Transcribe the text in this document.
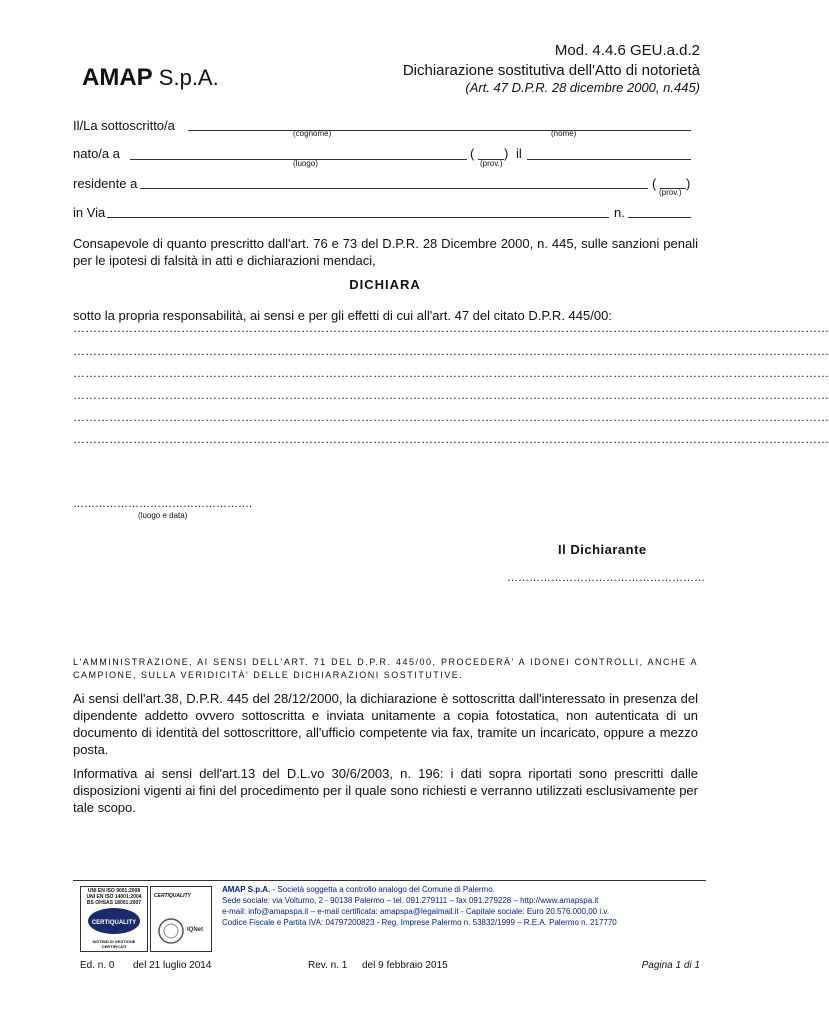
AMAP S.p.A.
Mod. 4.4.6 GEU.a.d.2
Dichiarazione sostitutiva dell'Atto di notorietà
(Art. 47 D.P.R. 28 dicembre 2000, n.445)
Il/La sottoscritto/a
(cognome)	(nome)
nato/a a	( ) il
(luogo)	(prov.)
residente a	( )
(prov.)
in Via	n.
Consapevole di quanto prescritto dall'art. 76 e 73 del D.P.R. 28 Dicembre 2000, n. 445, sulle sanzioni penali per le ipotesi di falsità in atti e dichiarazioni mendaci,
DICHIARA
sotto la propria responsabilità, ai sensi e per gli effetti di cui all'art. 47 del citato D.P.R. 445/00:
………………………………………………………………………………………………………………………………………………………………………
………………………………………………………………………………………………………………………………………………………………………
………………………………………………………………………………………………………………………………………………………………………
………………………………………………………………………………………………………………………………………………………………………
………………………………………………………………………………………………………………………………………………………………………
………………………………………………………………………………………………………………………………………………………………………
………………………………………….
(luogo e data)
Il Dichiarante
………………………………………………
L'AMMINISTRAZIONE, AI SENSI DELL'ART. 71 DEL D.P.R. 445/00, PROCEDERÀ' A IDONEI CONTROLLI, ANCHE A CAMPIONE, SULLA VERIDICITÀ' DELLE DICHIARAZIONI SOSTITUTIVE.
Ai sensi dell'art.38, D.P.R. 445 del 28/12/2000, la dichiarazione è sottoscritta dall'interessato in presenza del dipendente addetto ovvero sottoscritta e inviata unitamente a copia fotostatica, non autenticata di un documento di identità del sottoscrittore, all'ufficio competente via fax, tramite un incaricato, oppure a mezzo posta.
Informativa ai sensi dell'art.13 del D.L.vo 30/6/2003, n. 196: i dati sopra riportati sono prescritti dalle disposizioni vigenti ai fini del procedimento per il quale sono richiesti e verranno utilizzati esclusivamente per tale scopo.
UNI EN ISO 9001:2008
UNI EN ISO 14001:2004
BS OHSAS 18001:2007
CERTIQUALITY
SISTEMI DI GESTIONE CERTIFICATI
CERTIQUALITY
IQNet
AMAP S.p.A. - Società soggetta a controllo analogo del Comune di Palermo.
Sede sociale: via Volturno, 2 - 90138 Palermo – tel. 091.279111 – fax 091.279228 – http://www.amapspa.it
e-mail: info@amapspa.it – e-mail certificata: amapspa@legalmail.it - Capitale sociale: Euro 20.576.000,00 i.v.
Codice Fiscale e Partita IVA: 04797200823 - Reg. Imprese Palermo n. 53832/1999 – R.E.A. Palermo n. 217770
Ed. n. 0 del 21 luglio 2014	Rev. n. 1 del 9 febbraio 2015	Pagina 1 di 1
